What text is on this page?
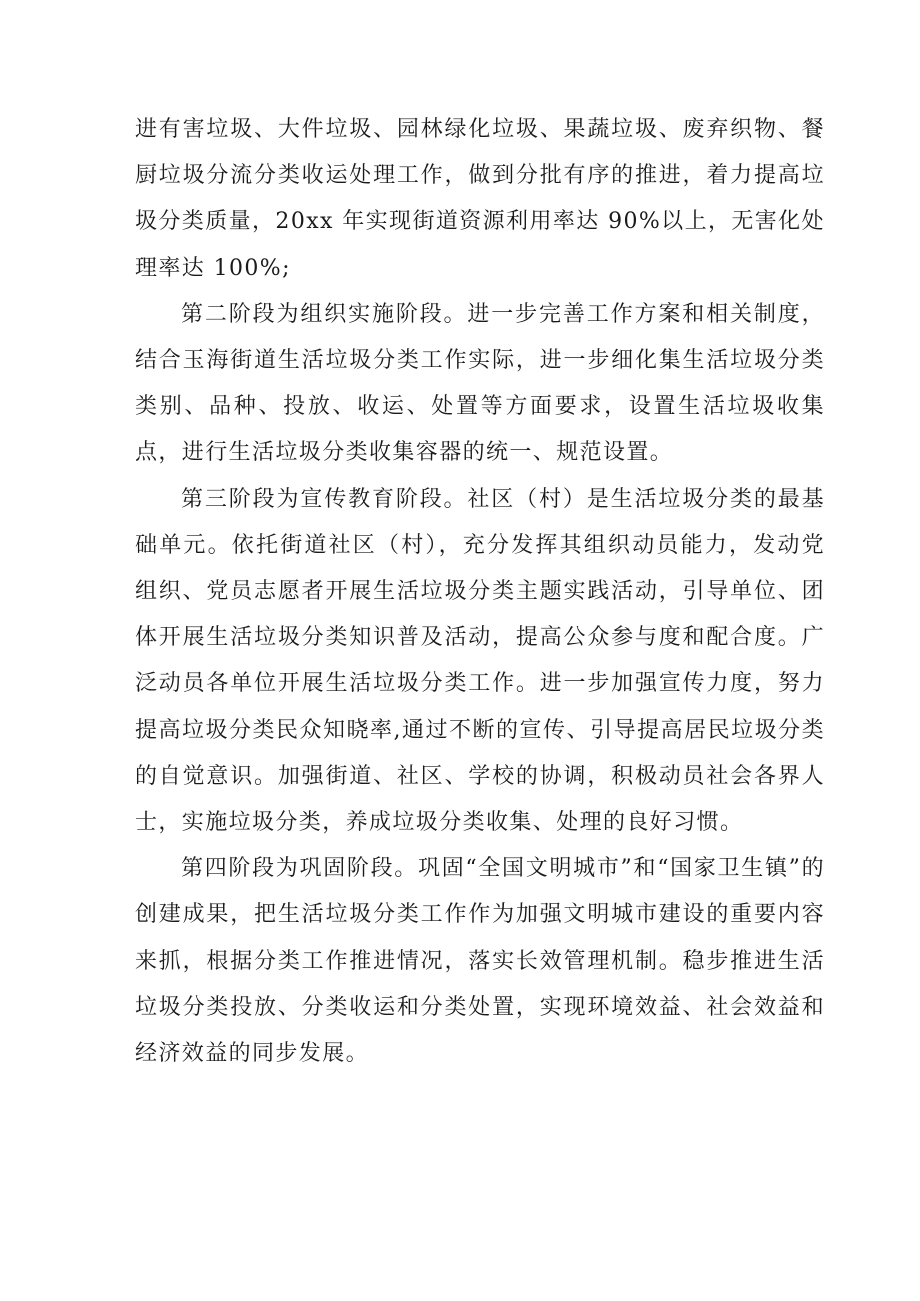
进有害垃圾、大件垃圾、园林绿化垃圾、果蔬垃圾、废弃织物、餐厨垃圾分流分类收运处理工作，做到分批有序的推进，着力提高垃圾分类质量，20xx 年实现街道资源利用率达 90%以上，无害化处理率达 100%;

第二阶段为组织实施阶段。进一步完善工作方案和相关制度，结合玉海街道生活垃圾分类工作实际，进一步细化集生活垃圾分类类别、品种、投放、收运、处置等方面要求，设置生活垃圾收集点，进行生活垃圾分类收集容器的统一、规范设置。

第三阶段为宣传教育阶段。社区（村）是生活垃圾分类的最基础单元。依托街道社区（村），充分发挥其组织动员能力，发动党组织、党员志愿者开展生活垃圾分类主题实践活动，引导单位、团体开展生活垃圾分类知识普及活动，提高公众参与度和配合度。广泛动员各单位开展生活垃圾分类工作。进一步加强宣传力度，努力提高垃圾分类民众知晓率,通过不断的宣传、引导提高居民垃圾分类的自觉意识。加强街道、社区、学校的协调，积极动员社会各界人士，实施垃圾分类，养成垃圾分类收集、处理的良好习惯。

第四阶段为巩固阶段。巩固“全国文明城市”和“国家卫生镇”的创建成果，把生活垃圾分类工作作为加强文明城市建设的重要内容来抓，根据分类工作推进情况，落实长效管理机制。稳步推进生活垃圾分类投放、分类收运和分类处置，实现环境效益、社会效益和经济效益的同步发展。
